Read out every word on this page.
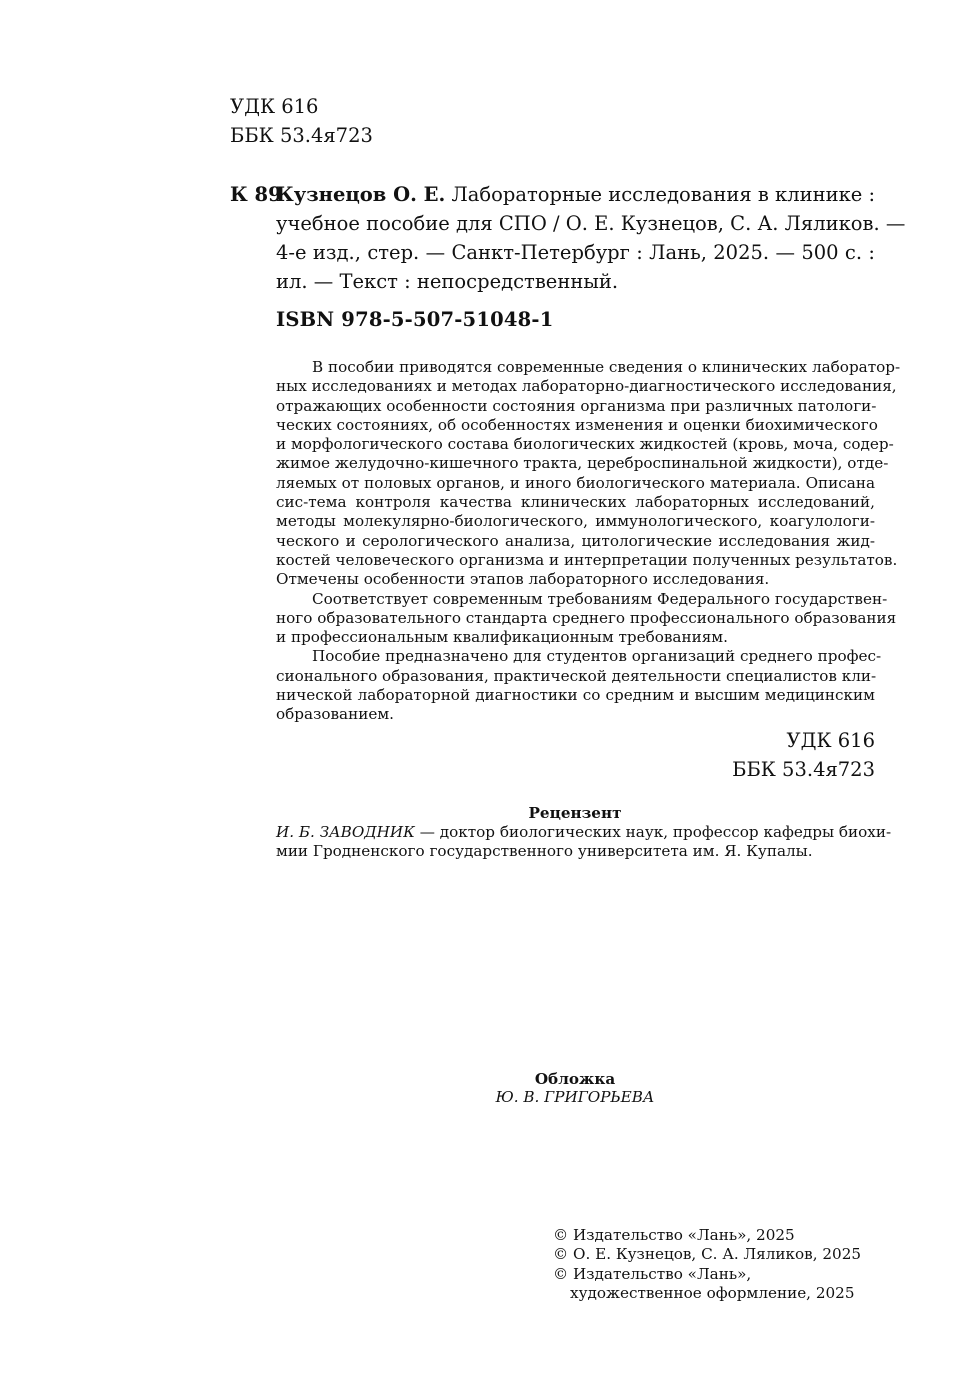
УДК 616
ББК 53.4я723
К 89
Кузнецов О. Е. Лабораторные исследования в клинике :
учебное пособие для СПО / О. Е. Кузнецов, С. А. Ляликов. —
4-е изд., стер. — Санкт-Петербург : Лань, 2025. — 500 с. :
ил. — Текст : непосредственный.
ISBN 978-5-507-51048-1
В пособии приводятся современные сведения о клинических лаборатор-
ных исследованиях и методах лабораторно-диагностического исследования,
отражающих особенности состояния организма при различных патологи-
ческих состояниях, об особенностях изменения и оценки биохимического
и морфологического состава биологических жидкостей (кровь, моча, содер-
жимое желудочно-кишечного тракта, цереброспинальной жидкости), отде-
ляемых от половых органов, и иного биологического материала. Описана
сис-тема контроля качества клинических лабораторных исследований,
методы молекулярно-биологического, иммунологического, коагулологи-
ческого и серологического анализа, цитологические исследования жид-
костей человеческого организма и интерпретации полученных результатов.
Отмечены особенности этапов лабораторного исследования.
Соответствует современным требованиям Федерального государствен-
ного образовательного стандарта среднего профессионального образования
и профессиональным квалификационным требованиям.
Пособие предназначено для студентов организаций среднего профес-
сионального образования, практической деятельности специалистов кли-
нической лабораторной диагностики со средним и высшим медицинским
образованием.
УДК 616
ББК 53.4я723
Рецензент
И. Б. ЗАВОДНИК — доктор биологических наук, профессор кафедры биохи-
мии Гродненского государственного университета им. Я. Купалы.
Обложка
Ю. В. ГРИГОРЬЕВА
© Издательство «Лань», 2025
© О. Е. Кузнецов, С. А. Ляликов, 2025
© Издательство «Лань»,
художественное оформление, 2025
